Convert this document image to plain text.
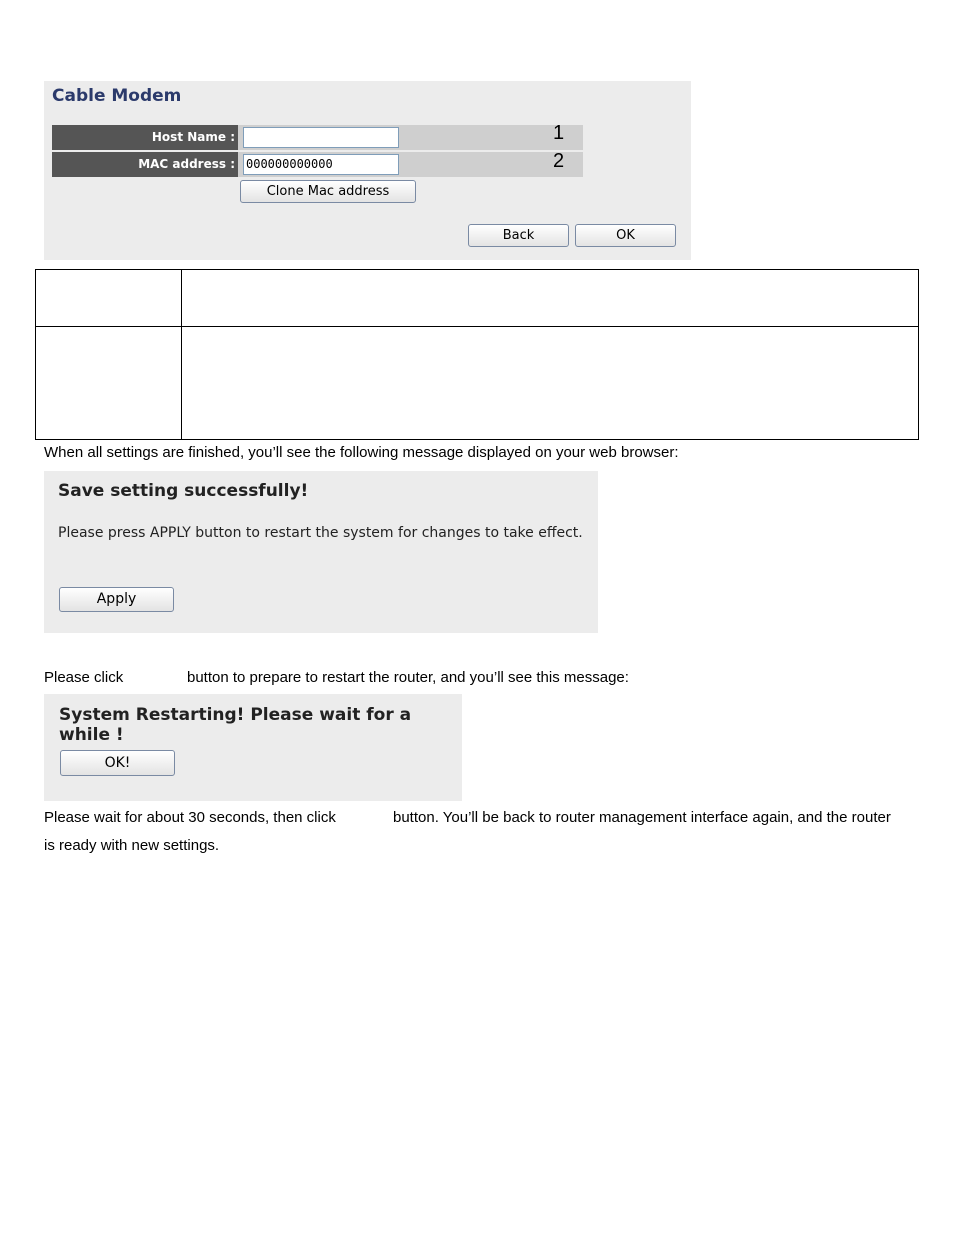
Cable Modem
Host Name :	1
MAC address : 000000000000	2
Clone Mac address
Back	OK
When all settings are finished, you’ll see the following message displayed on your web browser:
Save setting successfully!
Please press APPLY button to restart the system for changes to take effect.
Apply
Please click	button to prepare to restart the router, and you’ll see this message:
System Restarting! Please wait for a while !
OK!
Please wait for about 30 seconds, then click	button. You’ll be back to router management interface again, and the router
is ready with new settings.
